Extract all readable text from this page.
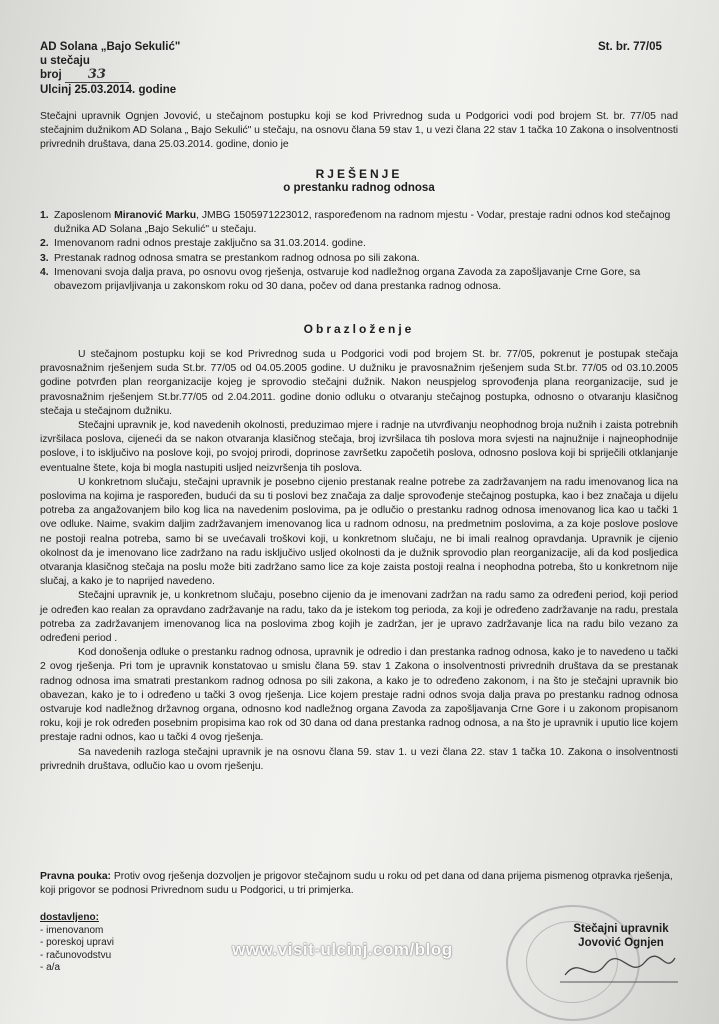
AD Solana „Bajo Sekulić"
u stečaju
broj 33
Ulcinj 25.03.2014. godine
St. br. 77/05
Stečajni upravnik Ognjen Jovović, u stečajnom postupku koji se kod Privrednog suda u Podgorici vodi pod brojem St. br. 77/05 nad stečajnim dužnikom AD Solana „ Bajo Sekulić" u stečaju, na osnovu člana 59 stav 1, u vezi člana 22 stav 1 tačka 10 Zakona o insolventnosti privrednih društava, dana 25.03.2014. godine, donio je
RJEŠENJE
o prestanku radnog odnosa
1. Zaposlenom Miranović Marku, JMBG 1505971223012, raspoređenom na radnom mjestu - Vodar, prestaje radni odnos kod stečajnog dužnika AD Solana „Bajo Sekulić" u stečaju.
2. Imenovanom radni odnos prestaje zaključno sa 31.03.2014. godine.
3. Prestanak radnog odnosa smatra se prestankom radnog odnosa po sili zakona.
4. Imenovani svoja dalja prava, po osnovu ovog rješenja, ostvaruje kod nadležnog organa Zavoda za zapošljavanje Crne Gore, sa obavezom prijavljivanja u zakonskom roku od 30 dana, počev od dana prestanka radnog odnosa.
Obrazloženje
U stečajnom postupku koji se kod Privrednog suda u Podgorici vodi pod brojem St. br. 77/05, pokrenut je postupak stečaja pravosnažnim rješenjem suda St.br. 77/05 od 04.05.2005 godine. U dužniku je pravosnažnim rješenjem suda St.br. 77/05 od 03.10.2005 godine potvrđen plan reorganizacije kojeg je sprovodio stečajni dužnik. Nakon neuspjelog sprovođenja plana reorganizacije, sud je pravosnažnim rješenjem St.br.77/05 od 2.04.2011. godine donio odluku o otvaranju stečajnog postupka, odnosno o otvaranju klasičnog stečaja u stečajnom dužniku.
Stečajni upravnik je, kod navedenih okolnosti, preduzimao mjere i radnje na utvrđivanju neophodnog broja nužnih i zaista potrebnih izvršilaca poslova, cijeneći da se nakon otvaranja klasičnog stečaja, broj izvršilaca tih poslova mora svjesti na najnužnije i najneophodnije poslove, i to isključivo na poslove koji, po svojoj prirodi, doprinose završetku započetih poslova, odnosno poslova koji bi spriječili otklanjanje eventualne štete, koja bi mogla nastupiti usljed neizvršenja tih poslova.
U konkretnom slučaju, stečajni upravnik je posebno cijenio prestanak realne potrebe za zadržavanjem na radu imenovanog lica na poslovima na kojima je raspoređen, budući da su ti poslovi bez značaja za dalje sprovođenje stečajnog postupka, kao i bez značaja u dijelu potreba za angažovanjem bilo kog lica na navedenim poslovima, pa je odlučio o prestanku radnog odnosa imenovanog lica kao u tački 1 ove odluke. Naime, svakim daljim zadržavanjem imenovanog lica u radnom odnosu, na predmetnim poslovima, a za koje poslove poslove ne postoji realna potreba, samo bi se uvećavali troškovi koji, u konkretnom slučaju, ne bi imali realnog opravdanja. Upravnik je cijenio okolnost da je imenovano lice zadržano na radu isključivo usljed okolnosti da je dužnik sprovodio plan reorganizacije, ali da kod posljedica otvaranja klasičnog stečaja na poslu može biti zadržano samo lice za koje zaista postoji realna i neophodna potreba, što u konkretnom nije slučaj, a kako je to naprijed navedeno.
Stečajni upravnik je, u konkretnom slučaju, posebno cijenio da je imenovani zadržan na radu samo za određeni period, koji period je određen kao realan za opravdano zadržavanje na radu, tako da je istekom tog perioda, za koji je određeno zadržavanje na radu, prestala potreba za zadržavanjem imenovanog lica na poslovima zbog kojih je zadržan, jer je upravo zadržavanje lica na radu bilo vezano za određeni period .
Kod donošenja odluke o prestanku radnog odnosa, upravnik je odredio i dan prestanka radnog odnosa, kako je to navedeno u tački 2 ovog rješenja. Pri tom je upravnik konstatovao u smislu člana 59. stav 1 Zakona o insolventnosti privrednih društava da se prestanak radnog odnosa ima smatrati prestankom radnog odnosa po sili zakona, a kako je to određeno zakonom, i na što je stečajni upravnik bio obavezan, kako je to i određeno u tački 3 ovog rješenja. Lice kojem prestaje radni odnos svoja dalja prava po prestanku radnog odnosa ostvaruje kod nadležnog državnog organa, odnosno kod nadležnog organa Zavoda za zapošljavanja Crne Gore i u zakonom propisanom roku, koji je rok određen posebnim propisima kao rok od 30 dana od dana prestanka radnog odnosa, a na što je upravnik i uputio lice kojem prestaje radni odnos, kao u tački 4 ovog rješenja.
Sa navedenih razloga stečajni upravnik je na osnovu člana 59. stav 1. u vezi člana 22. stav 1 tačka 10. Zakona o insolventnosti privrednih društava, odlučio kao u ovom rješenju.
Pravna pouka: Protiv ovog rješenja dozvoljen je prigovor stečajnom sudu u roku od pet dana od dana prijema pismenog otpravka rješenja, koji prigovor se podnosi Privrednom sudu u Podgorici, u tri primjerka.
dostavljeno:
- imenovanom
- poreskoj upravi
- računovodstvu
- a/a
Stečajni upravnik
Jovović Ognjen
www.visit-ulcinj.com/blog
